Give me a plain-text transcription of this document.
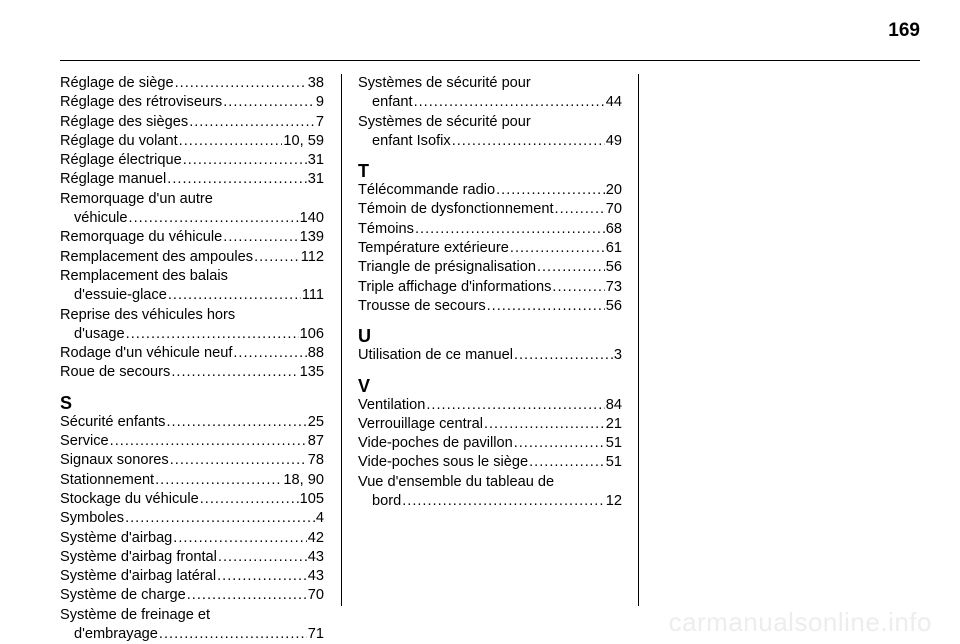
169
Réglage de siège .....	38
Réglage des rétroviseurs .....	9
Réglage des sièges .....	7
Réglage du volant .....	10, 59
Réglage électrique .....	31
Réglage manuel .....	31
Remorquage d'un autre
véhicule .....	140
Remorquage du véhicule .....	139
Remplacement des ampoules .....	112
Remplacement des balais
d'essuie-glace .....	111
Reprise des véhicules hors
d'usage .....	106
Rodage d'un véhicule neuf .....	88
Roue de secours .....	135
S
Sécurité enfants .....	25
Service .....	87
Signaux sonores .....	78
Stationnement .....	18, 90
Stockage du véhicule .....	105
Symboles .....	4
Système d'airbag .....	42
Système d'airbag frontal .....	43
Système d'airbag latéral .....	43
Système de charge .....	70
Système de freinage et
d'embrayage .....	71
Systèmes de sécurité pour
enfant .....	44
Systèmes de sécurité pour
enfant Isofix .....	49
T
Télécommande radio .....	20
Témoin de dysfonctionnement .....	70
Témoins .....	68
Température extérieure .....	61
Triangle de présignalisation .....	56
Triple affichage d'informations .....	73
Trousse de secours .....	56
U
Utilisation de ce manuel .....	3
V
Ventilation .....	84
Verrouillage central .....	21
Vide-poches de pavillon .....	51
Vide-poches sous le siège .....	51
Vue d'ensemble du tableau de
bord .....	12
carmanualsonline.info
